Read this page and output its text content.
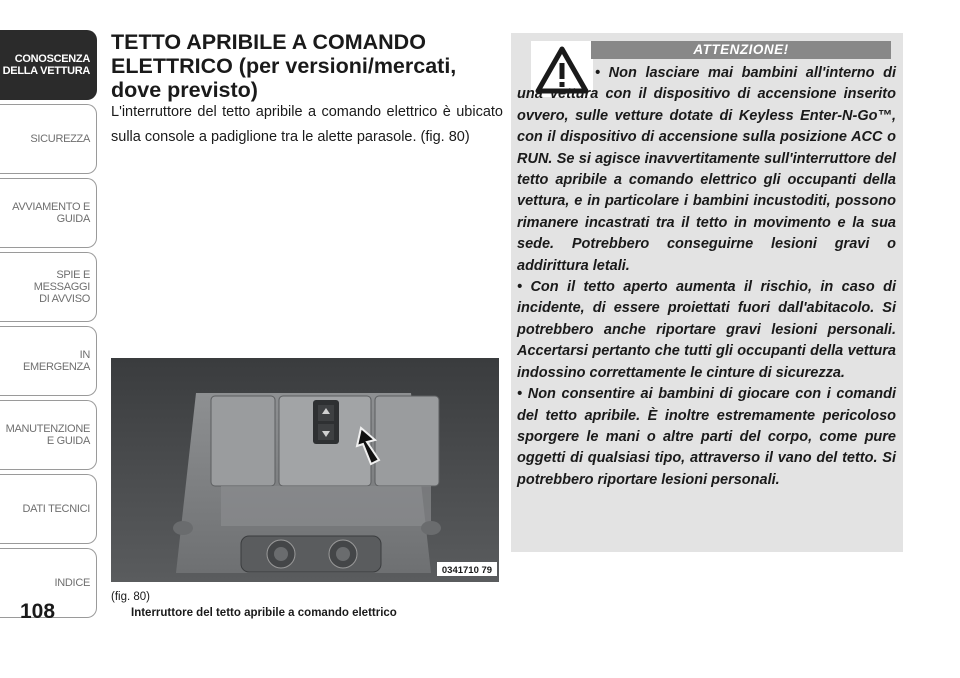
CONOSCENZA
DELLA VETTURA
SICUREZZA
AVVIAMENTO E
GUIDA
SPIE E
MESSAGGI
DI AVVISO
IN
EMERGENZA
MANUTENZIONE
E GUIDA
DATI TECNICI
INDICE
108
TETTO APRIBILE A COMANDO ELETTRICO (per versioni/mercati, dove previsto)

L'interruttore del tetto apribile a comando elettrico è ubicato sulla console a padiglione tra le alette parasole. (fig. 80)

0341710 79
(fig. 80)
Interruttore del tetto apribile a comando elettrico
ATTENZIONE!

• Non lasciare mai bambini all'interno di una vettura con il dispositivo di accensione inserito ovvero, sulle vetture dotate di Keyless Enter-N-Go™, con il dispositivo di accensione sulla posizione ACC o RUN. Se si agisce inavvertitamente sull'interruttore del tetto apribile a comando elettrico gli occupanti della vettura, e in particolare i bambini incustoditi, possono rimanere incastrati tra il tetto in movimento e la sua sede. Potrebbero conseguirne lesioni gravi o addirittura letali.

• Con il tetto aperto aumenta il rischio, in caso di incidente, di essere proiettati fuori dall'abitacolo. Si potrebbero anche riportare gravi lesioni personali. Accertarsi pertanto che tutti gli occupanti della vettura indossino correttamente le cinture di sicurezza.

• Non consentire ai bambini di giocare con i comandi del tetto apribile. È inoltre estremamente pericoloso sporgere le mani o altre parti del corpo, come pure oggetti di qualsiasi tipo, attraverso il vano del tetto. Si potrebbero riportare lesioni personali.
